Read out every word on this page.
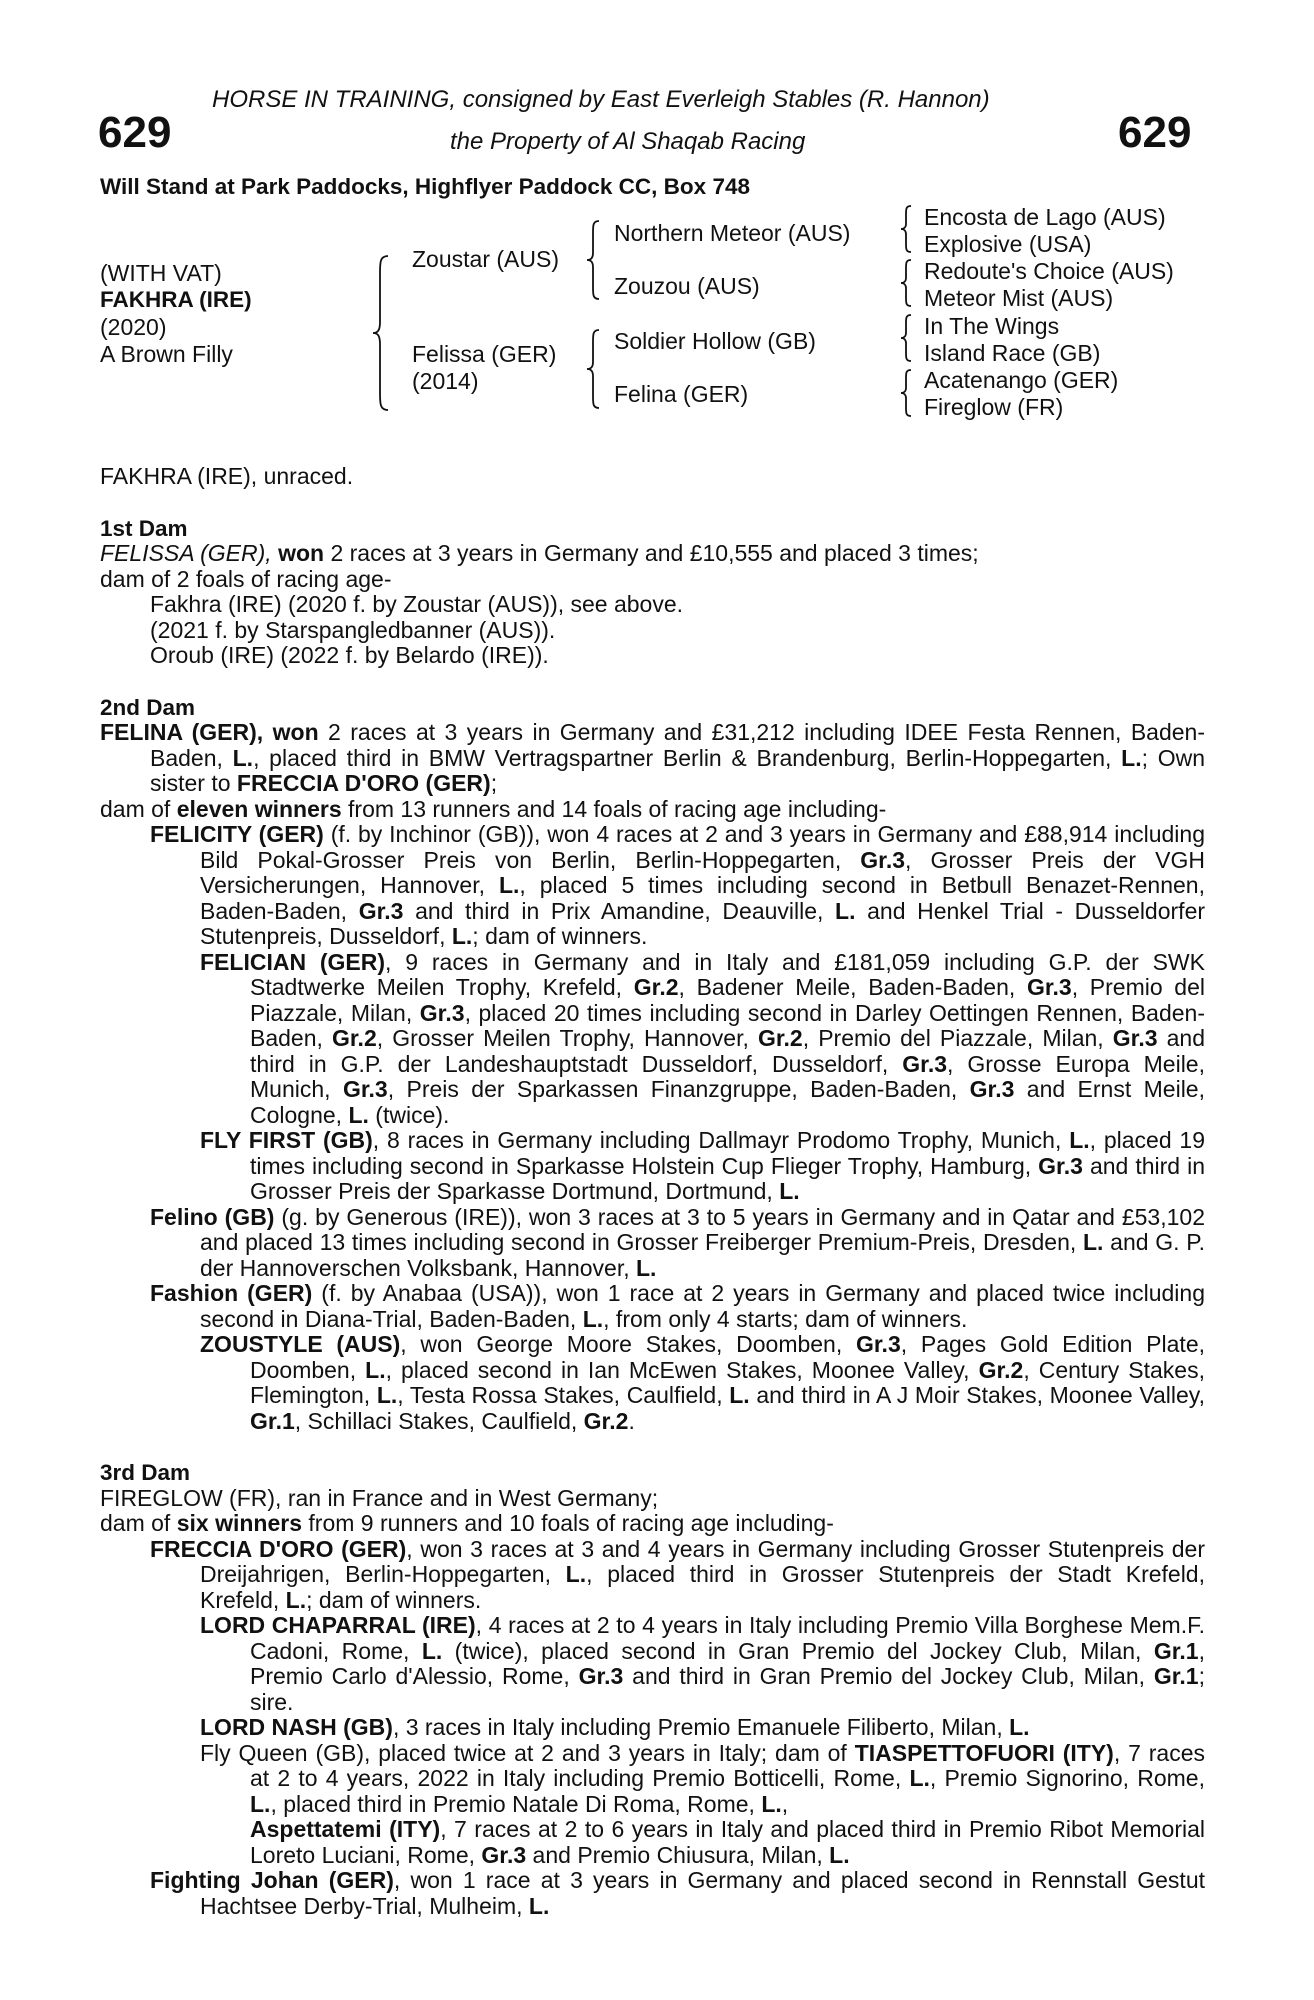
HORSE IN TRAINING, consigned by East Everleigh Stables (R. Hannon)
629	the Property of Al Shaqab Racing	629
Will Stand at Park Paddocks, Highflyer Paddock CC, Box 748
(WITH VAT)
FAKHRA (IRE)
(2020)
A Brown Filly
Zoustar (AUS)
Felissa (GER)
(2014)
Northern Meteor (AUS)
Zouzou (AUS)
Soldier Hollow (GB)
Felina (GER)
Encosta de Lago (AUS)
Explosive (USA)
Redoute's Choice (AUS)
Meteor Mist (AUS)
In The Wings
Island Race (GB)
Acatenango (GER)
Fireglow (FR)

FAKHRA (IRE), unraced.

1st Dam

FELISSA (GER), won 2 races at 3 years in Germany and £10,555 and placed 3 times;

dam of 2 foals of racing age-

Fakhra (IRE) (2020 f. by Zoustar (AUS)), see above.

(2021 f. by Starspangledbanner (AUS)).

Oroub (IRE) (2022 f. by Belardo (IRE)).

2nd Dam

FELINA (GER), won 2 races at 3 years in Germany and £31,212 including IDEE Festa Rennen, Baden-Baden, L., placed third in BMW Vertragspartner Berlin & Brandenburg, Berlin-Hoppegarten, L.; Own sister to FRECCIA D'ORO (GER);

dam of eleven winners from 13 runners and 14 foals of racing age including-

FELICITY (GER) (f. by Inchinor (GB)), won 4 races at 2 and 3 years in Germany and £88,914 including Bild Pokal-Grosser Preis von Berlin, Berlin-Hoppegarten, Gr.3, Grosser Preis der VGH Versicherungen, Hannover, L., placed 5 times including second in Betbull Benazet-Rennen, Baden-Baden, Gr.3 and third in Prix Amandine, Deauville, L. and Henkel Trial - Dusseldorfer Stutenpreis, Dusseldorf, L.; dam of winners.

FELICIAN (GER), 9 races in Germany and in Italy and £181,059 including G.P. der SWK Stadtwerke Meilen Trophy, Krefeld, Gr.2, Badener Meile, Baden-Baden, Gr.3, Premio del Piazzale, Milan, Gr.3, placed 20 times including second in Darley Oettingen Rennen, Baden-Baden, Gr.2, Grosser Meilen Trophy, Hannover, Gr.2, Premio del Piazzale, Milan, Gr.3 and third in G.P. der Landeshauptstadt Dusseldorf, Dusseldorf, Gr.3, Grosse Europa Meile, Munich, Gr.3, Preis der Sparkassen Finanzgruppe, Baden-Baden, Gr.3 and Ernst Meile, Cologne, L. (twice).

FLY FIRST (GB), 8 races in Germany including Dallmayr Prodomo Trophy, Munich, L., placed 19 times including second in Sparkasse Holstein Cup Flieger Trophy, Hamburg, Gr.3 and third in Grosser Preis der Sparkasse Dortmund, Dortmund, L.

Felino (GB) (g. by Generous (IRE)), won 3 races at 3 to 5 years in Germany and in Qatar and £53,102 and placed 13 times including second in Grosser Freiberger Premium-Preis, Dresden, L. and G. P. der Hannoverschen Volksbank, Hannover, L.

Fashion (GER) (f. by Anabaa (USA)), won 1 race at 2 years in Germany and placed twice including second in Diana-Trial, Baden-Baden, L., from only 4 starts; dam of winners.

ZOUSTYLE (AUS), won George Moore Stakes, Doomben, Gr.3, Pages Gold Edition Plate, Doomben, L., placed second in Ian McEwen Stakes, Moonee Valley, Gr.2, Century Stakes, Flemington, L., Testa Rossa Stakes, Caulfield, L. and third in A J Moir Stakes, Moonee Valley, Gr.1, Schillaci Stakes, Caulfield, Gr.2.

3rd Dam

FIREGLOW (FR), ran in France and in West Germany;

dam of six winners from 9 runners and 10 foals of racing age including-

FRECCIA D'ORO (GER), won 3 races at 3 and 4 years in Germany including Grosser Stutenpreis der Dreijahrigen, Berlin-Hoppegarten, L., placed third in Grosser Stutenpreis der Stadt Krefeld, Krefeld, L.; dam of winners.

LORD CHAPARRAL (IRE), 4 races at 2 to 4 years in Italy including Premio Villa Borghese Mem.F. Cadoni, Rome, L. (twice), placed second in Gran Premio del Jockey Club, Milan, Gr.1, Premio Carlo d'Alessio, Rome, Gr.3 and third in Gran Premio del Jockey Club, Milan, Gr.1; sire.

LORD NASH (GB), 3 races in Italy including Premio Emanuele Filiberto, Milan, L.

Fly Queen (GB), placed twice at 2 and 3 years in Italy; dam of TIASPETTOFUORI (ITY), 7 races at 2 to 4 years, 2022 in Italy including Premio Botticelli, Rome, L., Premio Signorino, Rome, L., placed third in Premio Natale Di Roma, Rome, L.,
Aspettatemi (ITY), 7 races at 2 to 6 years in Italy and placed third in Premio Ribot Memorial Loreto Luciani, Rome, Gr.3 and Premio Chiusura, Milan, L.

Fighting Johan (GER), won 1 race at 3 years in Germany and placed second in Rennstall Gestut Hachtsee Derby-Trial, Mulheim, L.
